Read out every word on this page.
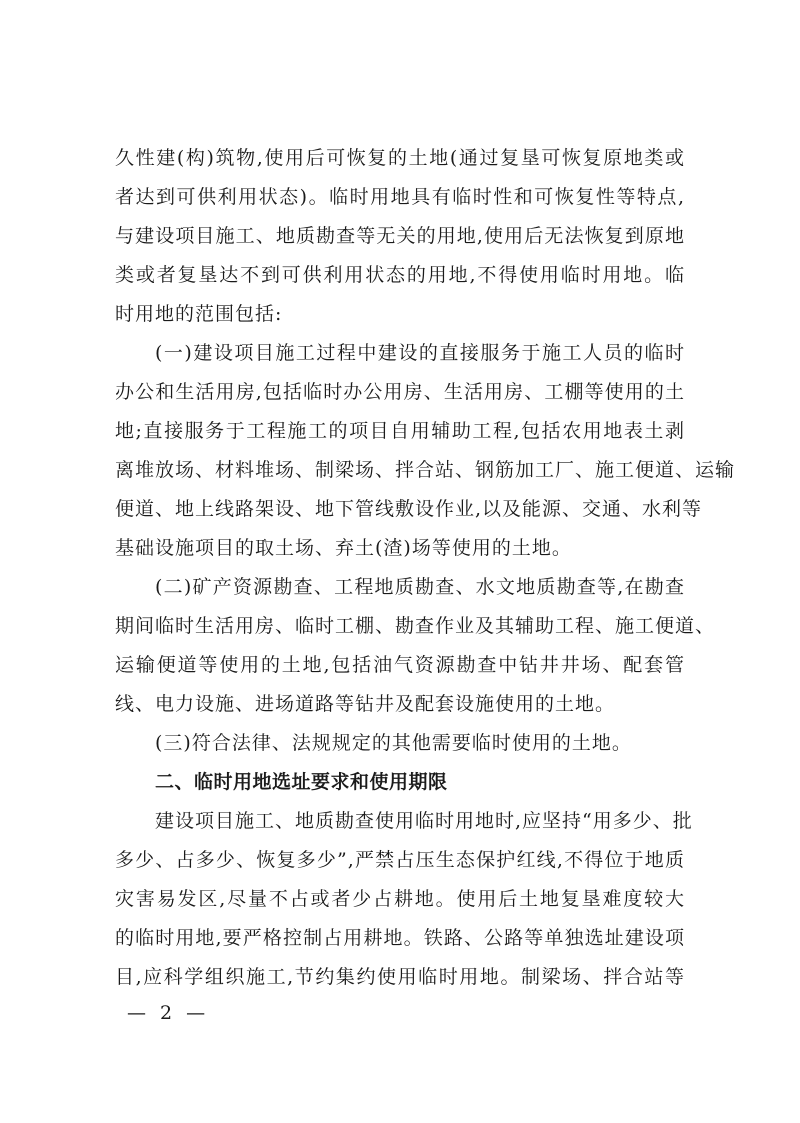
久性建(构)筑物,使用后可恢复的土地(通过复垦可恢复原地类或
者达到可供利用状态)。临时用地具有临时性和可恢复性等特点,
与建设项目施工、地质勘查等无关的用地,使用后无法恢复到原地
类或者复垦达不到可供利用状态的用地,不得使用临时用地。临
时用地的范围包括:
(一)建设项目施工过程中建设的直接服务于施工人员的临时
办公和生活用房,包括临时办公用房、生活用房、工棚等使用的土
地;直接服务于工程施工的项目自用辅助工程,包括农用地表土剥
离堆放场、材料堆场、制梁场、拌合站、钢筋加工厂、施工便道、运输
便道、地上线路架设、地下管线敷设作业,以及能源、交通、水利等
基础设施项目的取土场、弃土(渣)场等使用的土地。
(二)矿产资源勘查、工程地质勘查、水文地质勘查等,在勘查
期间临时生活用房、临时工棚、勘查作业及其辅助工程、施工便道、
运输便道等使用的土地,包括油气资源勘查中钻井井场、配套管
线、电力设施、进场道路等钻井及配套设施使用的土地。
(三)符合法律、法规规定的其他需要临时使用的土地。
二、临时用地选址要求和使用期限
建设项目施工、地质勘查使用临时用地时,应坚持“用多少、批
多少、占多少、恢复多少”,严禁占压生态保护红线,不得位于地质
灾害易发区,尽量不占或者少占耕地。使用后土地复垦难度较大
的临时用地,要严格控制占用耕地。铁路、公路等单独选址建设项
目,应科学组织施工,节约集约使用临时用地。制梁场、拌合站等
— 2 —
